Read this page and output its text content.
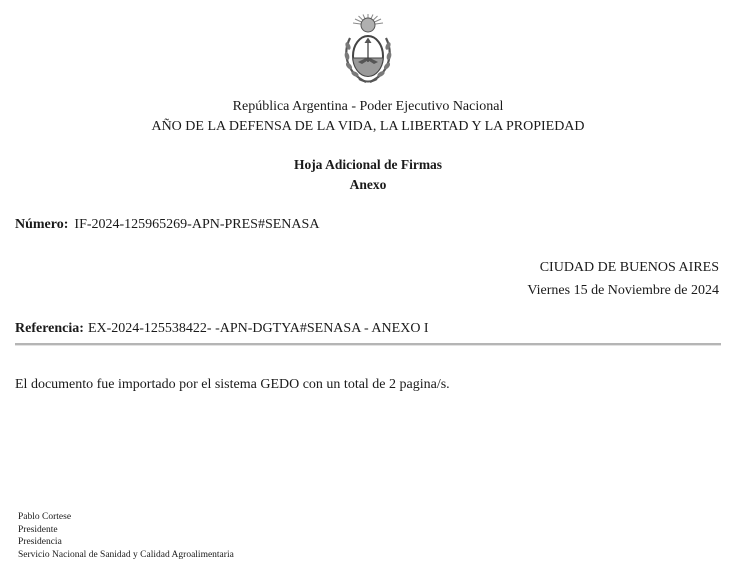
República Argentina - Poder Ejecutivo Nacional
AÑO DE LA DEFENSA DE LA VIDA, LA LIBERTAD Y LA PROPIEDAD
Hoja Adicional de Firmas
Anexo
Número: IF-2024-125965269-APN-PRES#SENASA
CIUDAD DE BUENOS AIRES
Viernes 15 de Noviembre de 2024
Referencia: EX-2024-125538422- -APN-DGTYA#SENASA - ANEXO I
El documento fue importado por el sistema GEDO con un total de 2 pagina/s.
Pablo Cortese
Presidente
Presidencia
Servicio Nacional de Sanidad y Calidad Agroalimentaria
